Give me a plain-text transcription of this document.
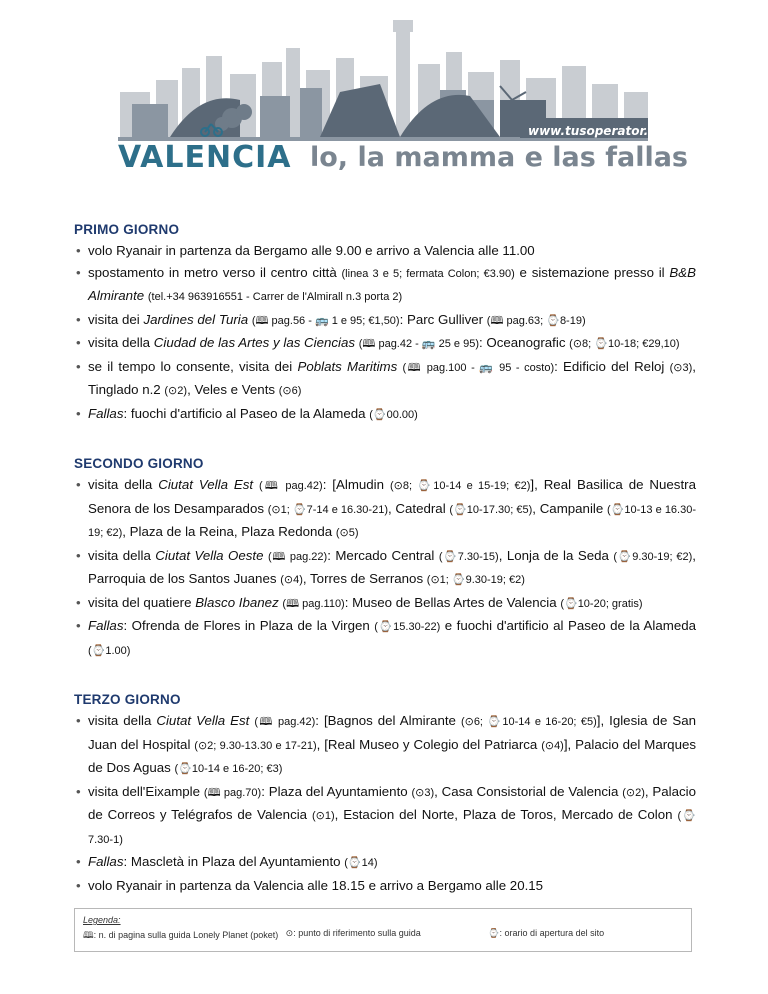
VALENCIA lo, la mamma e las fallas
www.tusoperator.it
PRIMO GIORNO
• volo Ryanair in partenza da Bergamo alle 9.00 e arrivo a Valencia alle 11.00
• spostamento in metro verso il centro città (linea 3 e 5; fermata Colon; €3.90) e sistemazione presso il B&B Almirante (tel.+34 963916551 - Carrer de l'Almirall n.3 porta 2)
• visita dei Jardines del Turia (🕮 pag.56 - 🚌 1 e 95; €1,50): Parc Gulliver (🕮 pag.63; ⌚8-19)
• visita della Ciudad de las Artes y las Ciencias (🕮 pag.42 - 🚌 25 e 95): Oceanografic (⊙8; ⌚10-18; €29,10)
• se il tempo lo consente, visita dei Poblats Maritims (🕮 pag.100 - 🚌 95 - costo): Edificio del Reloj (⊙3), Tinglado n.2 (⊙2), Veles e Vents (⊙6)
• Fallas: fuochi d'artificio al Paseo de la Alameda (⌚00.00)
SECONDO GIORNO
• visita della Ciutat Vella Est (🕮 pag.42): [Almudin (⊙8; ⌚10-14 e 15-19; €2)], Real Basilica de Nuestra Senora de los Desamparados (⊙1; ⌚7-14 e 16.30-21), Catedral (⌚10-17.30; €5), Campanile (⌚10-13 e 16.30-19; €2), Plaza de la Reina, Plaza Redonda (⊙5)
• visita della Ciutat Vella Oeste (🕮 pag.22): Mercado Central (⌚7.30-15), Lonja de la Seda (⌚9.30-19; €2), Parroquia de los Santos Juanes (⊙4), Torres de Serranos (⊙1; ⌚9.30-19; €2)
• visita del quatiere Blasco Ibanez (🕮 pag.110): Museo de Bellas Artes de Valencia (⌚10-20; gratis)
• Fallas: Ofrenda de Flores in Plaza de la Virgen (⌚15.30-22) e fuochi d'artificio al Paseo de la Alameda (⌚1.00)
TERZO GIORNO
• visita della Ciutat Vella Est (🕮 pag.42): [Bagnos del Almirante (⊙6; ⌚10-14 e 16-20; €5)], Iglesia de San Juan del Hospital (⊙2; 9.30-13.30 e 17-21), [Real Museo y Colegio del Patriarca (⊙4)], Palacio del Marques de Dos Aguas (⌚10-14 e 16-20; €3)
• visita dell'Eixample (🕮 pag.70): Plaza del Ayuntamiento (⊙3), Casa Consistorial de Valencia (⊙2), Palacio de Correos y Telégrafos de Valencia (⊙1), Estacion del Norte, Plaza de Toros, Mercado de Colon (⌚7.30-1)
• Fallas: Mascletà in Plaza del Ayuntamiento (⌚14)
• volo Ryanair in partenza da Valencia alle 18.15 e arrivo a Bergamo alle 20.15
Legenda:
🕮: n. di pagina sulla guida Lonely Planet (poket) ⊙: punto di riferimento sulla guida	⌚: orario di apertura del sito
